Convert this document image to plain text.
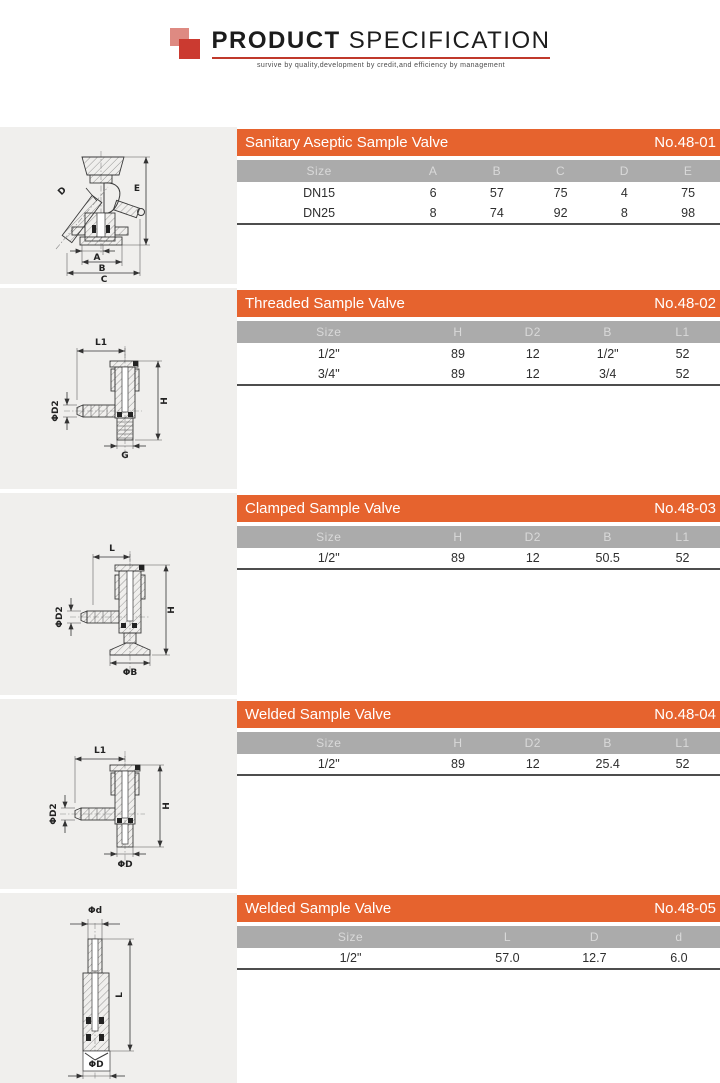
PRODUCT SPECIFICATION
survive by quality,development by credit,and efficiency by management
D	E
A
B
C
Sanitary Aseptic Sample Valve	No.48-01
Size	A	B	C	D	E
DN15	6	57	75	4	75
DN25	8	74	92	8	98
ΦD2
L1
H
G
Threaded Sample Valve	No.48-02
Size	H	D2	B	L1
1/2"	89	12	1/2"	52
3/4"	89	12	3/4	52
ΦD2
L
H
ΦB
Clamped Sample Valve	No.48-03
Size	H	D2	B	L1
1/2"	89	12	50.5	52
ΦD2
L1
H
ΦD
Welded Sample Valve	No.48-04
Size	H	D2	B	L1
1/2"	89	12	25.4	52
Φd
ΦD
L
Welded Sample Valve	No.48-05
Size	L	D	d
1/2"	57.0	12.7	6.0
